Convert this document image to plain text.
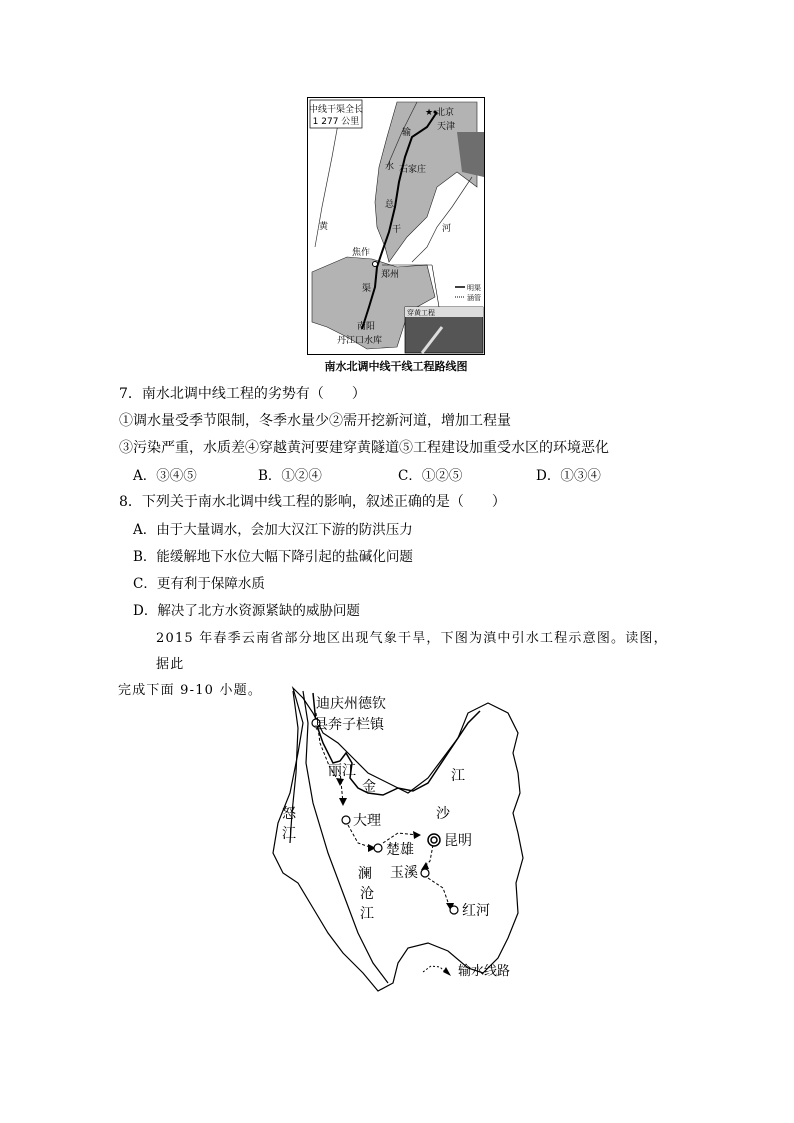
中线干渠全长
1 277 公里
★ 北京
天津
输
水 石家庄
总
干
黄	河
焦作
郑州
渠
南阳
丹江口水库
穿黄工程
明渠
涵管
南水北调中线干线工程路线图
7．南水北调中线工程的劣势有（　　）
①调水量受季节限制，冬季水量少②需开挖新河道，增加工程量
③污染严重，水质差④穿越黄河要建穿黄隧道⑤工程建设加重受水区的环境恶化
A．③④⑤	B．①②④	C．①②⑤	D．①③④
8．下列关于南水北调中线工程的影响，叙述正确的是（　　）
A．由于大量调水，会加大汉江下游的防洪压力
B．能缓解地下水位大幅下降引起的盐碱化问题
C．更有利于保障水质
D．解决了北方水资源紧缺的威胁问题
2015 年春季云南省部分地区出现气象干旱，下图为滇中引水工程示意图。读图，据此
完成下面 9-10 小题。
迪庆州德钦
县奔子栏镇
丽江
金
江
沙
大理
昆明
楚雄
玉溪
红河
怒
江
澜
沧
江
输水线路
